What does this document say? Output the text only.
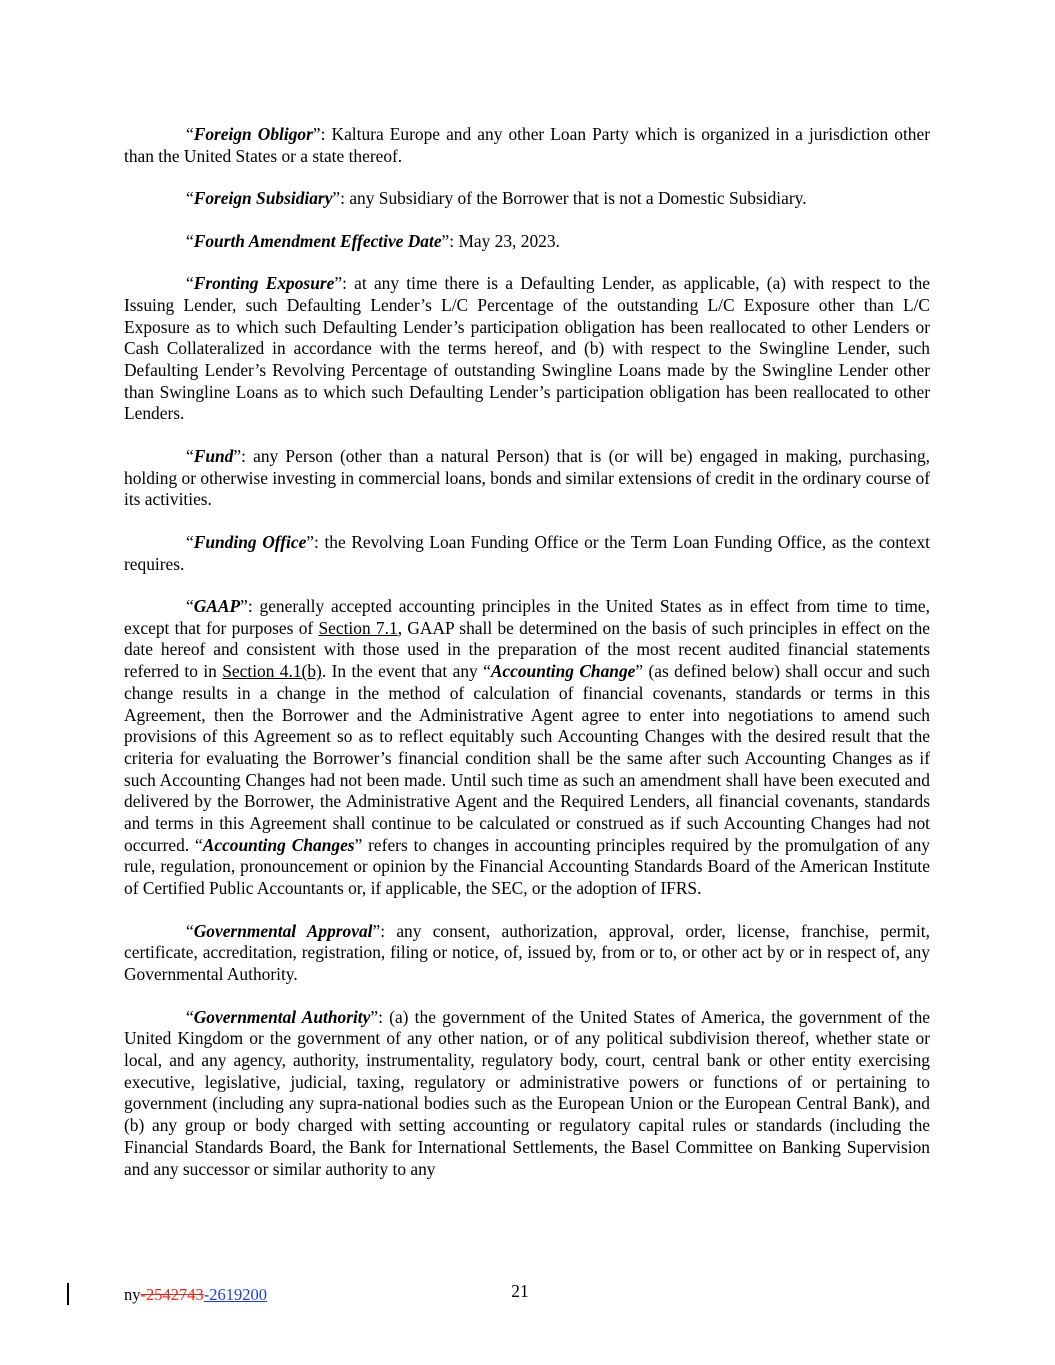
“Foreign Obligor”: Kaltura Europe and any other Loan Party which is organized in a jurisdiction other than the United States or a state thereof.

“Foreign Subsidiary”: any Subsidiary of the Borrower that is not a Domestic Subsidiary.

“Fourth Amendment Effective Date”: May 23, 2023.

“Fronting Exposure”: at any time there is a Defaulting Lender, as applicable, (a) with respect to the Issuing Lender, such Defaulting Lender’s L/C Percentage of the outstanding L/C Exposure other than L/C Exposure as to which such Defaulting Lender’s participation obligation has been reallocated to other Lenders or Cash Collateralized in accordance with the terms hereof, and (b) with respect to the Swingline Lender, such Defaulting Lender’s Revolving Percentage of outstanding Swingline Loans made by the Swingline Lender other than Swingline Loans as to which such Defaulting Lender’s participation obligation has been reallocated to other Lenders.

“Fund”: any Person (other than a natural Person) that is (or will be) engaged in making, purchasing, holding or otherwise investing in commercial loans, bonds and similar extensions of credit in the ordinary course of its activities.

“Funding Office”: the Revolving Loan Funding Office or the Term Loan Funding Office, as the context requires.

“GAAP”: generally accepted accounting principles in the United States as in effect from time to time, except that for purposes of Section 7.1, GAAP shall be determined on the basis of such principles in effect on the date hereof and consistent with those used in the preparation of the most recent audited financial statements referred to in Section 4.1(b). In the event that any “Accounting Change” (as defined below) shall occur and such change results in a change in the method of calculation of financial covenants, standards or terms in this Agreement, then the Borrower and the Administrative Agent agree to enter into negotiations to amend such provisions of this Agreement so as to reflect equitably such Accounting Changes with the desired result that the criteria for evaluating the Borrower’s financial condition shall be the same after such Accounting Changes as if such Accounting Changes had not been made. Until such time as such an amendment shall have been executed and delivered by the Borrower, the Administrative Agent and the Required Lenders, all financial covenants, standards and terms in this Agreement shall continue to be calculated or construed as if such Accounting Changes had not occurred. “Accounting Changes” refers to changes in accounting principles required by the promulgation of any rule, regulation, pronouncement or opinion by the Financial Accounting Standards Board of the American Institute of Certified Public Accountants or, if applicable, the SEC, or the adoption of IFRS.

“Governmental Approval”: any consent, authorization, approval, order, license, franchise, permit, certificate, accreditation, registration, filing or notice, of, issued by, from or to, or other act by or in respect of, any Governmental Authority.

“Governmental Authority”: (a) the government of the United States of America, the government of the United Kingdom or the government of any other nation, or of any political subdivision thereof, whether state or local, and any agency, authority, instrumentality, regulatory body, court, central bank or other entity exercising executive, legislative, judicial, taxing, regulatory or administrative powers or functions of or pertaining to government (including any supra-national bodies such as the European Union or the European Central Bank), and (b) any group or body charged with setting accounting or regulatory capital rules or standards (including the Financial Standards Board, the Bank for International Settlements, the Basel Committee on Banking Supervision and any successor or similar authority to any

ny-2542743-2619200	21
